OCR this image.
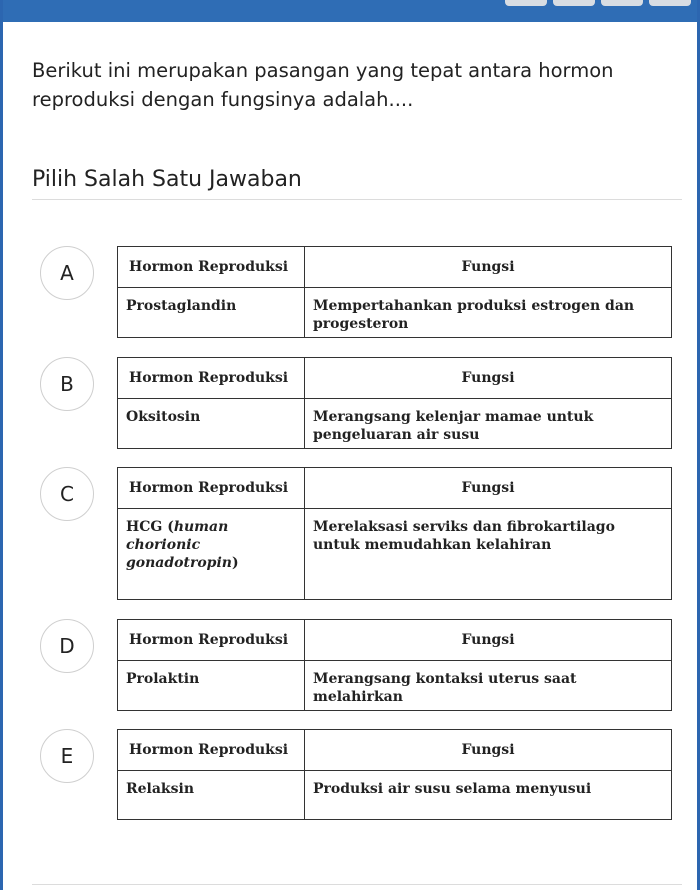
Berikut ini merupakan pasangan yang tepat antara hormon reproduksi dengan fungsinya adalah....
Pilih Salah Satu Jawaban
A	Hormon Reproduksi	Fungsi
Prostaglandin	Mempertahankan produksi estrogen dan progesteron
B	Hormon Reproduksi	Fungsi
Oksitosin	Merangsang kelenjar mamae untuk pengeluaran air susu
C	Hormon Reproduksi	Fungsi
HCG (human chorionic gonadotropin)	Merelaksasi serviks dan fibrokartilago untuk memudahkan kelahiran
D	Hormon Reproduksi	Fungsi
Prolaktin	Merangsang kontaksi uterus saat melahirkan
E	Hormon Reproduksi	Fungsi
Relaksin	Produksi air susu selama menyusui
